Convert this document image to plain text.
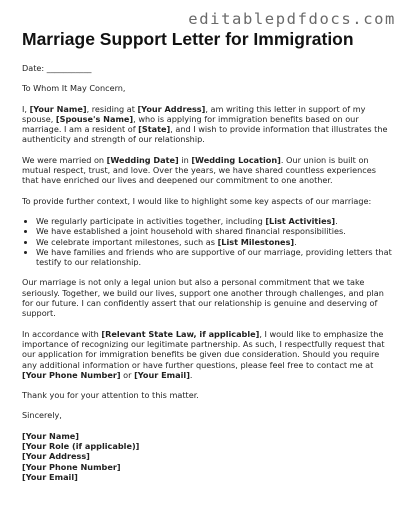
editablepdfdocs.com
Marriage Support Letter for Immigration

Date: ___________

To Whom It May Concern,

I, [Your Name], residing at [Your Address], am writing this letter in support of my spouse, [Spouse's Name], who is applying for immigration benefits based on our marriage. I am a resident of [State], and I wish to provide information that illustrates the authenticity and strength of our relationship.

We were married on [Wedding Date] in [Wedding Location]. Our union is built on mutual respect, trust, and love. Over the years, we have shared countless experiences that have enriched our lives and deepened our commitment to one another.

To provide further context, I would like to highlight some key aspects of our marriage:

• We regularly participate in activities together, including [List Activities].
• We have established a joint household with shared financial responsibilities.
• We celebrate important milestones, such as [List Milestones].
• We have families and friends who are supportive of our marriage, providing letters that testify to our relationship.

Our marriage is not only a legal union but also a personal commitment that we take seriously. Together, we build our lives, support one another through challenges, and plan for our future. I can confidently assert that our relationship is genuine and deserving of support.

In accordance with [Relevant State Law, if applicable], I would like to emphasize the importance of recognizing our legitimate partnership. As such, I respectfully request that our application for immigration benefits be given due consideration. Should you require any additional information or have further questions, please feel free to contact me at [Your Phone Number] or [Your Email].

Thank you for your attention to this matter.

Sincerely,

[Your Name]

[Your Role (if applicable)]

[Your Address]

[Your Phone Number]

[Your Email]
